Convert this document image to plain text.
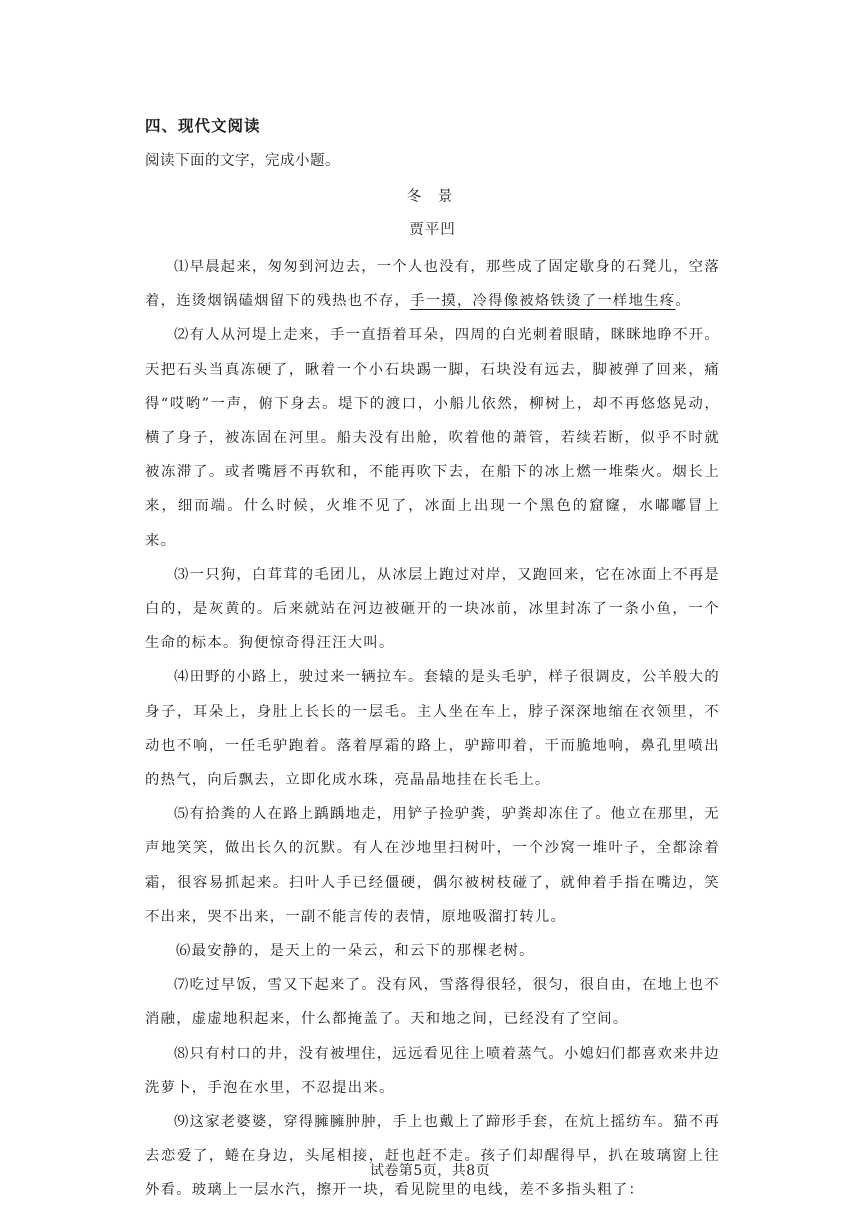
四、现代文阅读
阅读下面的文字，完成小题。
冬 景
贾平凹

⑴早晨起来，匆匆到河边去，一个人也没有，那些成了固定歇身的石凳儿，空落着，连烫烟锅磕烟留下的残热也不存，手一摸，冷得像被烙铁烫了一样地生疼。

⑵有人从河堤上走来，手一直捂着耳朵，四周的白光刺着眼睛，眯眯地睁不开。天把石头当真冻硬了，瞅着一个小石块踢一脚，石块没有远去，脚被弹了回来，痛得“哎哟”一声，俯下身去。堤下的渡口，小船儿依然，柳树上，却不再悠悠晃动，横了身子，被冻固在河里。船夫没有出舱，吹着他的萧管，若续若断，似乎不时就被冻滞了。或者嘴唇不再软和，不能再吹下去，在船下的冰上燃一堆柴火。烟长上来，细而端。什么时候，火堆不见了，冰面上出现一个黑色的窟窿，水嘟嘟冒上来。

⑶一只狗，白茸茸的毛团儿，从冰层上跑过对岸，又跑回来，它在冰面上不再是白的，是灰黄的。后来就站在河边被砸开的一块冰前，冰里封冻了一条小鱼，一个生命的标本。狗便惊奇得汪汪大叫。

⑷田野的小路上，驶过来一辆拉车。套辕的是头毛驴，样子很调皮，公羊般大的身子，耳朵上，身肚上长长的一层毛。主人坐在车上，脖子深深地缩在衣领里，不动也不响，一任毛驴跑着。落着厚霜的路上，驴蹄叩着，干而脆地响，鼻孔里喷出的热气，向后飘去，立即化成水珠，亮晶晶地挂在长毛上。

⑸有拾粪的人在路上踽踽地走，用铲子捡驴粪，驴粪却冻住了。他立在那里，无声地笑笑，做出长久的沉默。有人在沙地里扫树叶，一个沙窝一堆叶子，全都涂着霜，很容易抓起来。扫叶人手已经僵硬，偶尔被树枝碰了，就伸着手指在嘴边，笑不出来，哭不出来，一副不能言传的表情，原地吸溜打转儿。

⑹最安静的，是天上的一朵云，和云下的那棵老树。

⑺吃过早饭，雪又下起来了。没有风，雪落得很轻，很匀，很自由，在地上也不消融，虚虚地积起来，什么都掩盖了。天和地之间，已经没有了空间。

⑻只有村口的井，没有被埋住，远远看见往上喷着蒸气。小媳妇们都喜欢来井边洗萝卜，手泡在水里，不忍提出来。

⑼这家老婆婆，穿得臃臃肿肿，手上也戴上了蹄形手套，在炕上摇纺车。猫不再去恋爱了，蜷在身边，头尾相接，赶也赶不走。孩子们却醒得早，扒在玻璃窗上往外看。玻璃上一层水汽，擦开一块，看见院里的电线，差不多指头粗了：

试卷第5页，共8页
